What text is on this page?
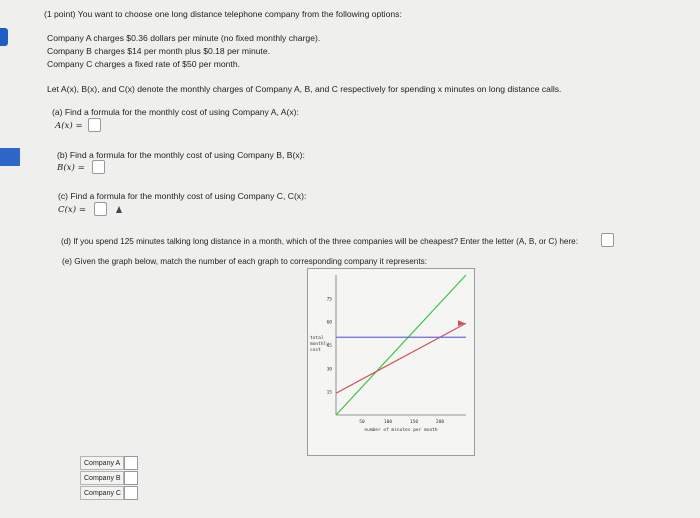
(1 point) You want to choose one long distance telephone company from the following options:
Company A charges $0.36 dollars per minute (no fixed monthly charge).
Company B charges $14 per month plus $0.18 per minute.
Company C charges a fixed rate of $50 per month.
Let A(x), B(x), and C(x) denote the monthly charges of Company A, B, and C respectively for spending x minutes on long distance calls.
(a) Find a formula for the monthly cost of using Company A, A(x):
A(x) =
(b) Find a formula for the monthly cost of using Company B, B(x):
B(x) =
(c) Find a formula for the monthly cost of using Company C, C(x):
C(x) =
(d) If you spend 125 minutes talking long distance in a month, which of the three companies will be cheapest? Enter the letter (A, B, or C) here:
(e) Given the graph below, match the number of each graph to corresponding company it represents:
15
30
45
60
75
50	100	150	200
number of minutes per month
total
monthly
cost
Company A
Company B
Company C
